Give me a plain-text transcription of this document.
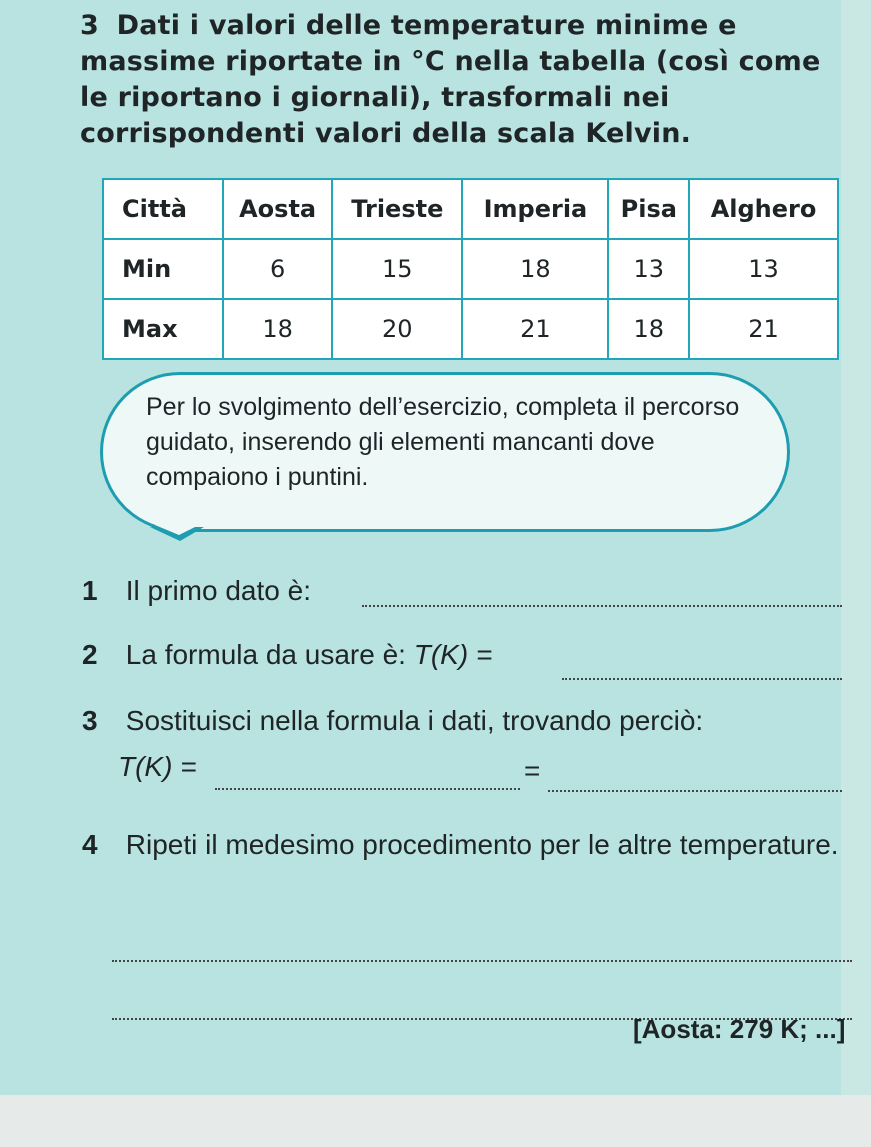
3 Dati i valori delle temperature minime e massime riportate in °C nella tabella (così come le riportano i giornali), trasformali nei corrispondenti valori della scala Kelvin.
Città	Aosta	Trieste	Imperia	Pisa	Alghero
Min	6	15	18	13	13
Max	18	20	21	18	21
Per lo svolgimento dell’esercizio, completa il percorso guidato, inserendo gli elementi mancanti dove compaiono i puntini.
1 Il primo dato è:
2 La formula da usare è: T(K) =
3 Sostituisci nella formula i dati, trovando perciò:
T(K) =	=
4 Ripeti il medesimo procedimento per le altre temperature.
[Aosta: 279 K; ...]
